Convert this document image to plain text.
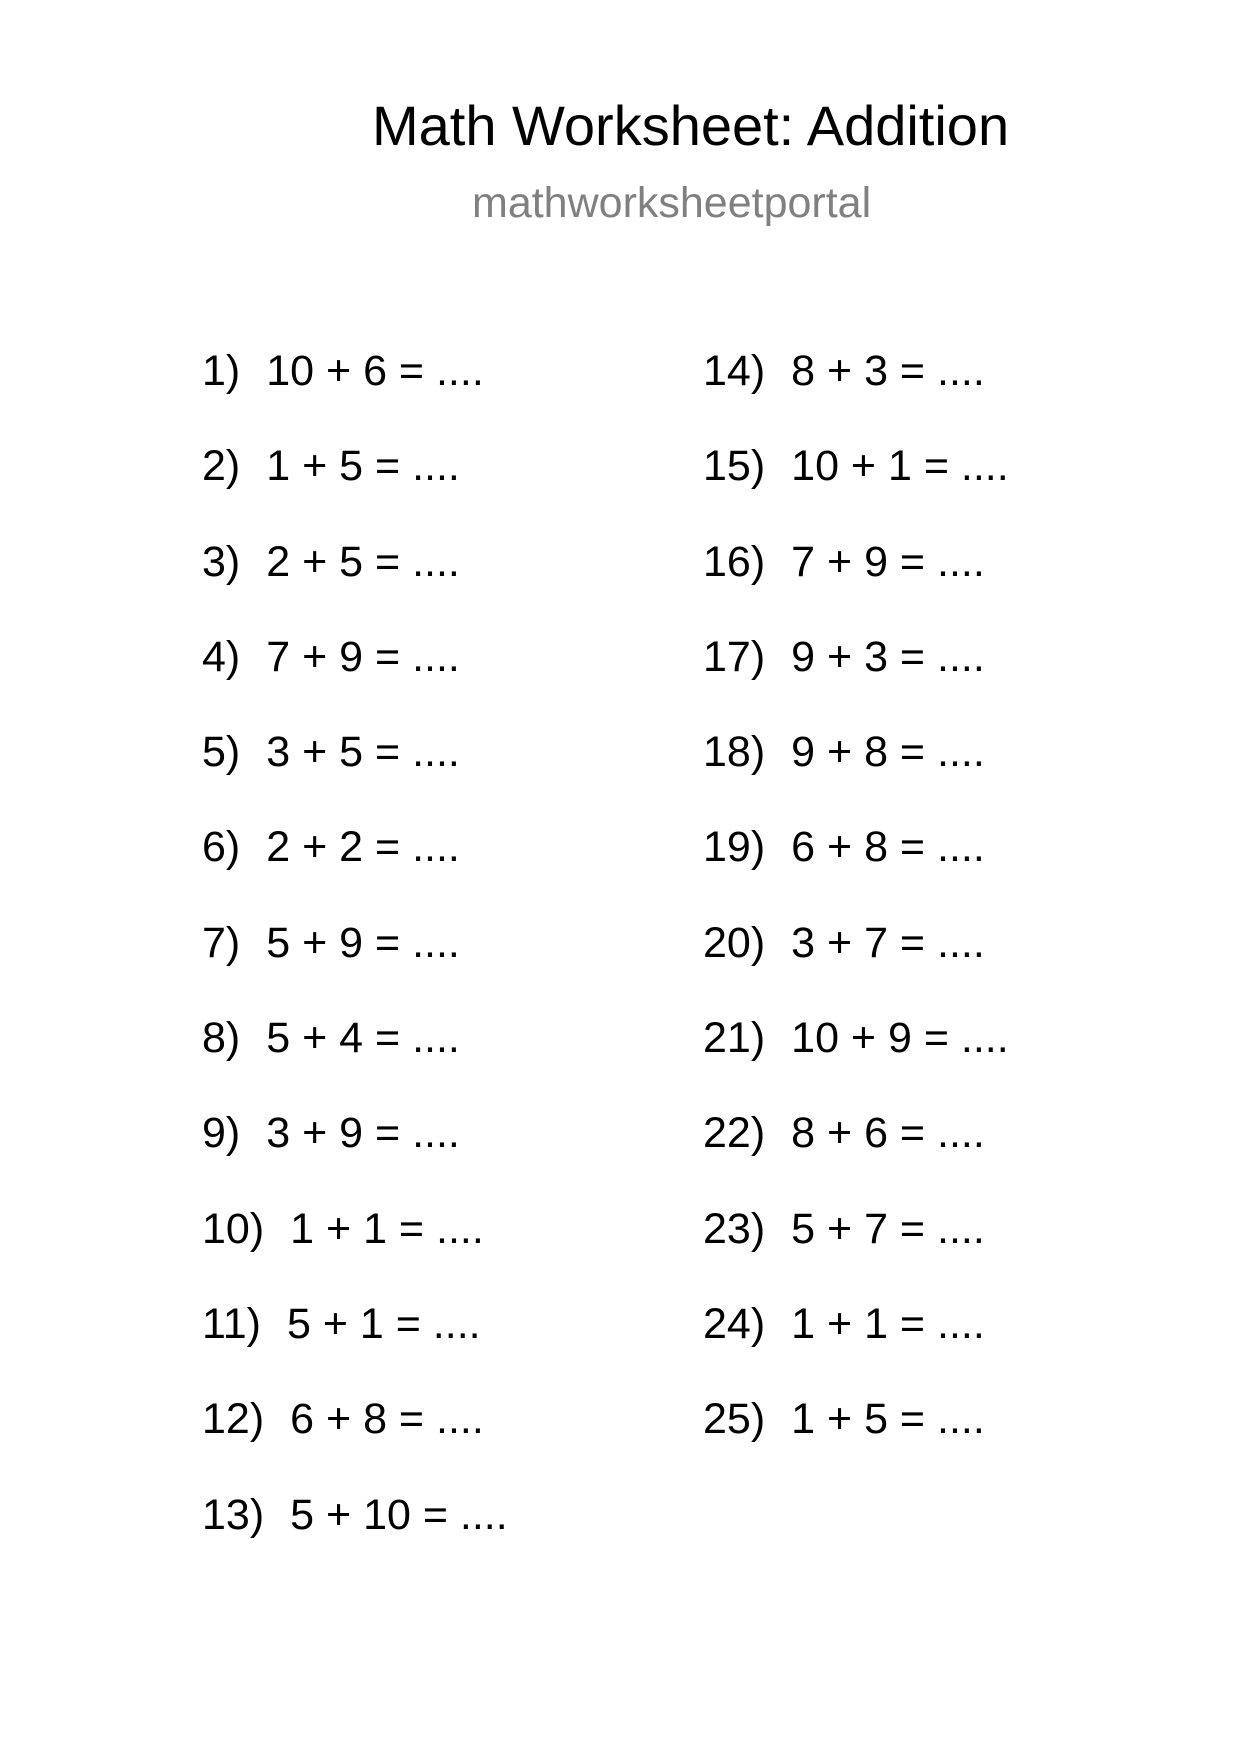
Math Worksheet: Addition
mathworksheetportal
1) 10 + 6 = ....
2) 1 + 5 = ....
3) 2 + 5 = ....
4) 7 + 9 = ....
5) 3 + 5 = ....
6) 2 + 2 = ....
7) 5 + 9 = ....
8) 5 + 4 = ....
9) 3 + 9 = ....
10) 1 + 1 = ....
11) 5 + 1 = ....
12) 6 + 8 = ....
13) 5 + 10 = ....
14) 8 + 3 = ....
15) 10 + 1 = ....
16) 7 + 9 = ....
17) 9 + 3 = ....
18) 9 + 8 = ....
19) 6 + 8 = ....
20) 3 + 7 = ....
21) 10 + 9 = ....
22) 8 + 6 = ....
23) 5 + 7 = ....
24) 1 + 1 = ....
25) 1 + 5 = ....
